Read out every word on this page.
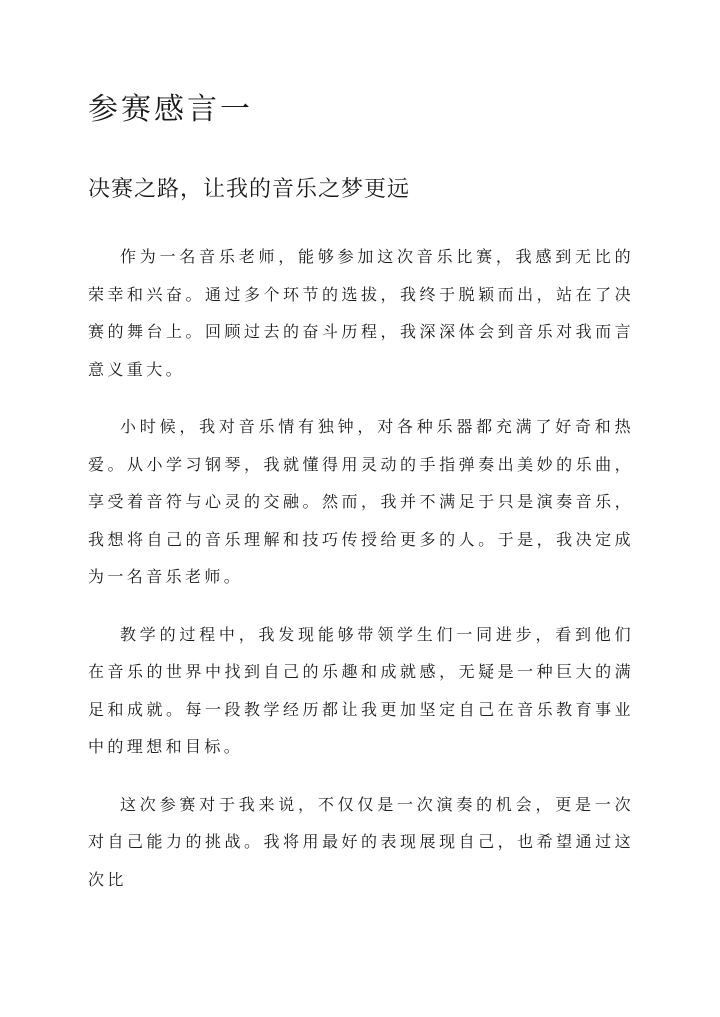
参赛感言一
决赛之路，让我的音乐之梦更远

作为一名音乐老师，能够参加这次音乐比赛，我感到无比的荣幸和兴奋。通过多个环节的选拔，我终于脱颖而出，站在了决赛的舞台上。回顾过去的奋斗历程，我深深体会到音乐对我而言意义重大。

小时候，我对音乐情有独钟，对各种乐器都充满了好奇和热爱。从小学习钢琴，我就懂得用灵动的手指弹奏出美妙的乐曲，享受着音符与心灵的交融。然而，我并不满足于只是演奏音乐，我想将自己的音乐理解和技巧传授给更多的人。于是，我决定成为一名音乐老师。

教学的过程中，我发现能够带领学生们一同进步，看到他们在音乐的世界中找到自己的乐趣和成就感，无疑是一种巨大的满足和成就。每一段教学经历都让我更加坚定自己在音乐教育事业中的理想和目标。

这次参赛对于我来说，不仅仅是一次演奏的机会，更是一次对自己能力的挑战。我将用最好的表现展现自己，也希望通过这次比
